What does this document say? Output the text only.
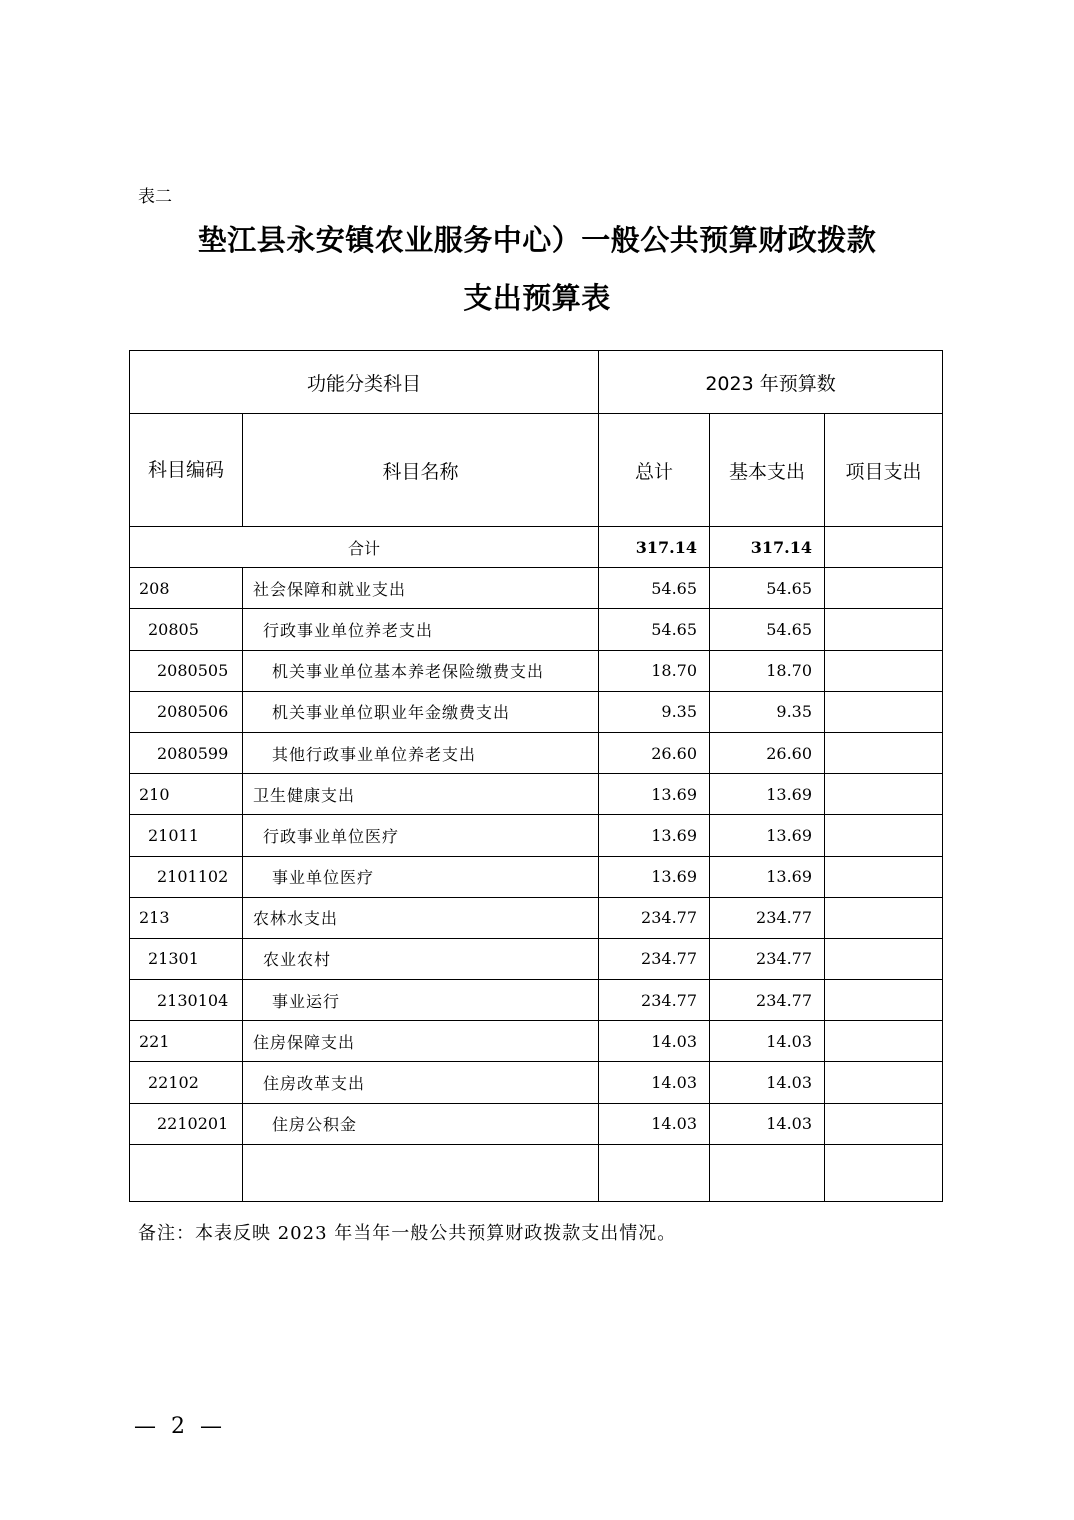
表二
垫江县永安镇农业服务中心）一般公共预算财政拨款
支出预算表
功能分类科目		2023 年预算数		
科目编码	科目名称	总计	基本支出	项目支出
合计		317.14	317.14	
208	社会保障和就业支出	54.65	54.65	
20805	行政事业单位养老支出	54.65	54.65	
2080505	机关事业单位基本养老保险缴费支出	18.70	18.70	
2080506	机关事业单位职业年金缴费支出	9.35	9.35	
2080599	其他行政事业单位养老支出	26.60	26.60	
210	卫生健康支出	13.69	13.69	
21011	行政事业单位医疗	13.69	13.69	
2101102	事业单位医疗	13.69	13.69	
213	农林水支出	234.77	234.77	
21301	农业农村	234.77	234.77	
2130104	事业运行	234.77	234.77	
221	住房保障支出	14.03	14.03	
22102	住房改革支出	14.03	14.03	
2210201	住房公积金	14.03	14.03	

备注：本表反映 2023 年当年一般公共预算财政拨款支出情况。
— 2 —
